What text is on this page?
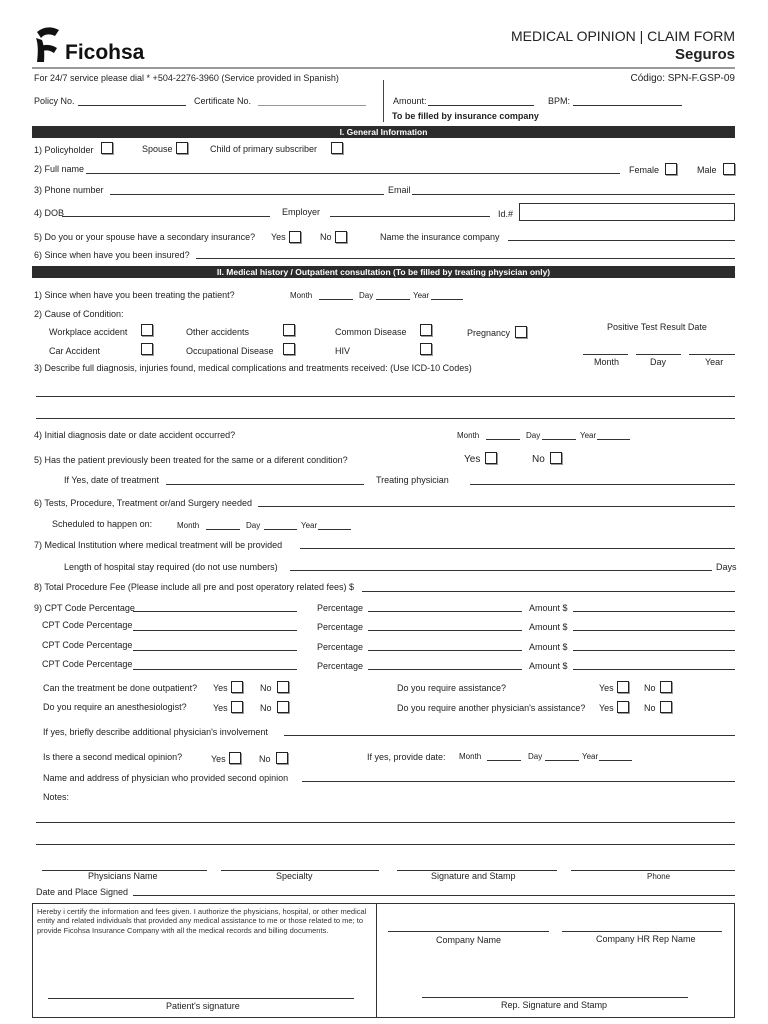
Ficohsa
MEDICAL OPINION | CLAIM FORM
Seguros
For 24/7 service please dial * +504-2276-3960 (Service provided in Spanish)	Código: SPN-F.GSP-09
Policy No.	Certificate No.	Amount:	BPM:
To be filled by insurance company
I. General Information
1) Policyholder	Spouse	Child of primary subscriber
2) Full name	Female	Male
3) Phone number	Email
4) DOB	Employer	Id.#
5) Do you or your spouse have a secondary insurance? Yes	No	Name the insurance company
6) Since when have you been insured?
II. Medical history / Outpatient consultation (To be filled by treating physician only)
1) Since when have you been treating the patient?	Month	Day	Year
2) Cause of Condition:
Workplace accident	Other accidents	Common Disease	Pregnancy
Positive Test Result Date
Car Accident	Occupational Disease	HIV
Month	Day	Year
3) Describe full diagnosis, injuries found, medical complications and treatments received: (Use ICD-10 Codes)
4) Initial diagnosis date or date accident occurred?	Month	Day	Year
5) Has the patient previously been treated for the same or a diferent condition?	Yes	No
If Yes, date of treatment	Treating physician
6) Tests, Procedure, Treatment or/and Surgery needed
Scheduled to happen on:	Month	Day	Year
7) Medical Institution where medical treatment will be provided
Length of hospital stay required (do not use numbers)	Days
8) Total Procedure Fee (Please include all pre and post operatory related fees) $
9) CPT Code Percentage	Percentage	Amount $
CPT Code Percentage	Percentage	Amount $
CPT Code Percentage	Percentage	Amount $
CPT Code Percentage	Percentage	Amount $
Can the treatment be done outpatient? Yes	No	Do you require assistance?	Yes	No
Do you require an anesthesiologist?	Yes	No	Do you require another physician's assistance? Yes	No
If yes, briefly describe additional physician's involvement
Is there a second medical opinion?	Yes	No	If yes, provide date: Month	Day	Year
Name and address of physician who provided second opinion
Notes:
Physicians Name	Specialty	Signature and Stamp	Phone
Date and Place Signed
Hereby i certify the information and fees given. I authorize the physicians, hospital, or other medical entity and related individuals that provided any medical assistance to me or those related to me; to provide Ficohsa Insurance Company with all the medical records and billing documents.
Patient's signature
Company Name	Company HR Rep Name
Rep. Signature and Stamp
